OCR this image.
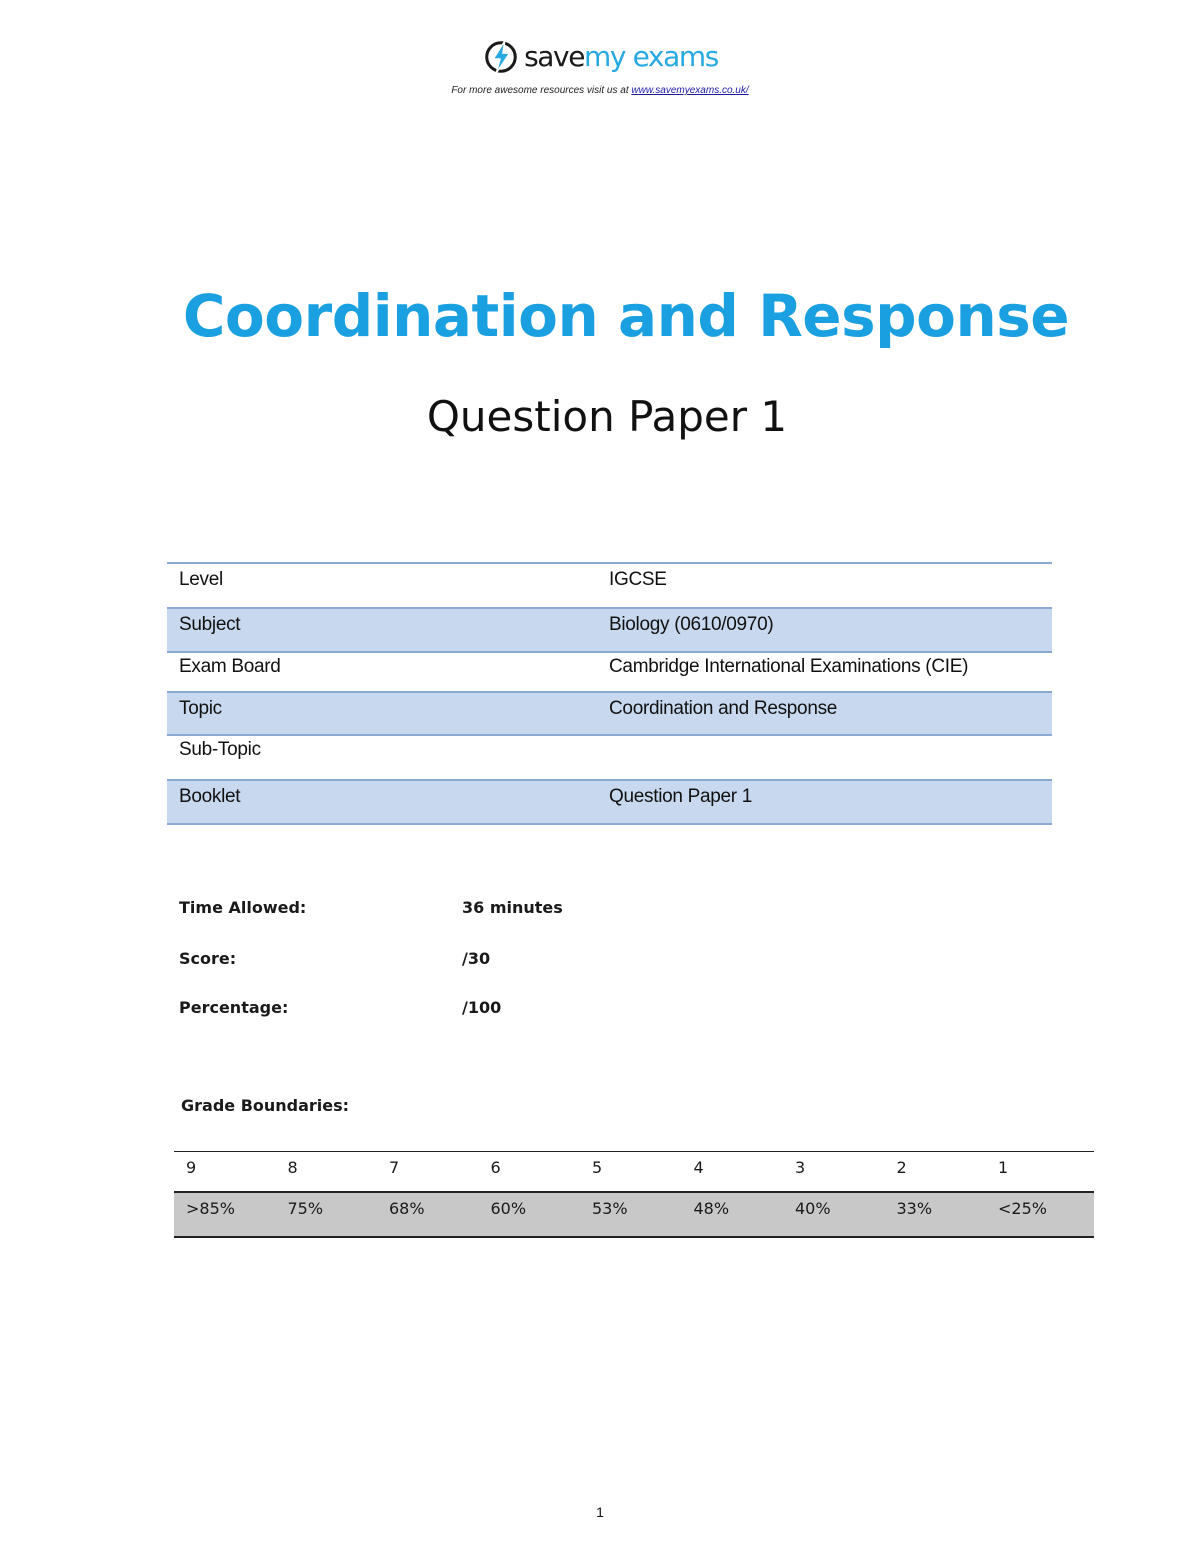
savemy exams
For more awesome resources visit us at www.savemyexams.co.uk/
Coordination and Response
Question Paper 1
Level	IGCSE
Subject	Biology (0610/0970)
Exam Board	Cambridge International Examinations (CIE)
Topic	Coordination and Response
Sub-Topic
Booklet	Question Paper 1
Time Allowed:	36 minutes
Score:	/30
Percentage:	/100
Grade Boundaries:
9	8	7	6	5	4	3	2	1
>85%	75%	68%	60%	53%	48%	40%	33%	<25%
1
